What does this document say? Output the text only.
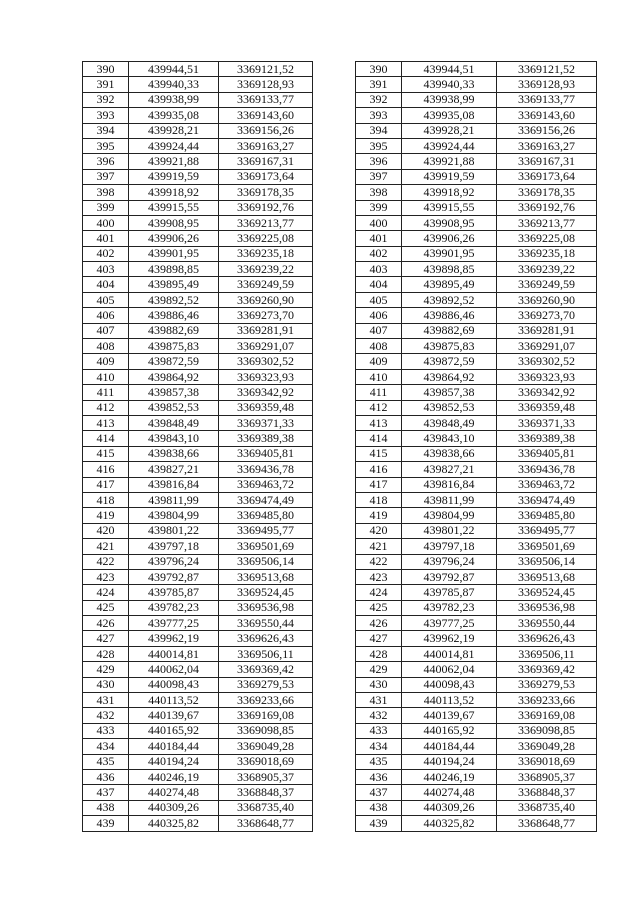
390	439944,51	3369121,52		390	439944,51	3369121,52
391	439940,33	3369128,93		391	439940,33	3369128,93
392	439938,99	3369133,77		392	439938,99	3369133,77
393	439935,08	3369143,60		393	439935,08	3369143,60
394	439928,21	3369156,26		394	439928,21	3369156,26
395	439924,44	3369163,27		395	439924,44	3369163,27
396	439921,88	3369167,31		396	439921,88	3369167,31
397	439919,59	3369173,64		397	439919,59	3369173,64
398	439918,92	3369178,35		398	439918,92	3369178,35
399	439915,55	3369192,76		399	439915,55	3369192,76
400	439908,95	3369213,77		400	439908,95	3369213,77
401	439906,26	3369225,08		401	439906,26	3369225,08
402	439901,95	3369235,18		402	439901,95	3369235,18
403	439898,85	3369239,22		403	439898,85	3369239,22
404	439895,49	3369249,59		404	439895,49	3369249,59
405	439892,52	3369260,90		405	439892,52	3369260,90
406	439886,46	3369273,70		406	439886,46	3369273,70
407	439882,69	3369281,91		407	439882,69	3369281,91
408	439875,83	3369291,07		408	439875,83	3369291,07
409	439872,59	3369302,52		409	439872,59	3369302,52
410	439864,92	3369323,93		410	439864,92	3369323,93
411	439857,38	3369342,92		411	439857,38	3369342,92
412	439852,53	3369359,48		412	439852,53	3369359,48
413	439848,49	3369371,33		413	439848,49	3369371,33
414	439843,10	3369389,38		414	439843,10	3369389,38
415	439838,66	3369405,81		415	439838,66	3369405,81
416	439827,21	3369436,78		416	439827,21	3369436,78
417	439816,84	3369463,72		417	439816,84	3369463,72
418	439811,99	3369474,49		418	439811,99	3369474,49
419	439804,99	3369485,80		419	439804,99	3369485,80
420	439801,22	3369495,77		420	439801,22	3369495,77
421	439797,18	3369501,69		421	439797,18	3369501,69
422	439796,24	3369506,14		422	439796,24	3369506,14
423	439792,87	3369513,68		423	439792,87	3369513,68
424	439785,87	3369524,45		424	439785,87	3369524,45
425	439782,23	3369536,98		425	439782,23	3369536,98
426	439777,25	3369550,44		426	439777,25	3369550,44
427	439962,19	3369626,43		427	439962,19	3369626,43
428	440014,81	3369506,11		428	440014,81	3369506,11
429	440062,04	3369369,42		429	440062,04	3369369,42
430	440098,43	3369279,53		430	440098,43	3369279,53
431	440113,52	3369233,66		431	440113,52	3369233,66
432	440139,67	3369169,08		432	440139,67	3369169,08
433	440165,92	3369098,85		433	440165,92	3369098,85
434	440184,44	3369049,28		434	440184,44	3369049,28
435	440194,24	3369018,69		435	440194,24	3369018,69
436	440246,19	3368905,37		436	440246,19	3368905,37
437	440274,48	3368848,37		437	440274,48	3368848,37
438	440309,26	3368735,40		438	440309,26	3368735,40
439	440325,82	3368648,77		439	440325,82	3368648,77
